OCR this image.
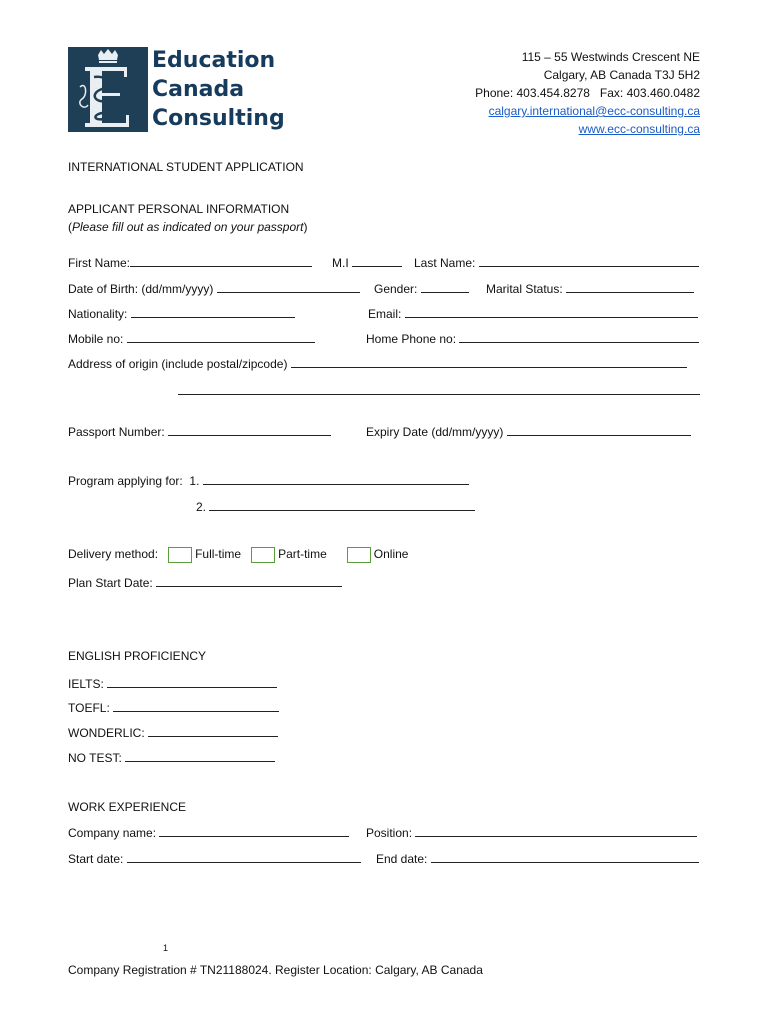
Education
Canada
Consulting
115 – 55 Westwinds Crescent NE
Calgary, AB Canada T3J 5H2
Phone: 403.454.8278   Fax: 403.460.0482
calgary.international@ecc-consulting.ca
www.ecc-consulting.ca
INTERNATIONAL STUDENT APPLICATION
APPLICANT PERSONAL INFORMATION
(Please fill out as indicated on your passport)
First Name:	M.I	Last Name:
Date of Birth: (dd/mm/yyyy)	Gender:	Marital Status:
Nationality:	Email:
Mobile no:	Home Phone no:
Address of origin (include postal/zipcode)
Passport Number:	Expiry Date (dd/mm/yyyy)
Program applying for: 1.
2.
Delivery method:	Full-time	Part-time	Online
Plan Start Date:
ENGLISH PROFICIENCY
IELTS:
TOEFL:
WONDERLIC:
NO TEST:
WORK EXPERIENCE
Company name:	Position:
Start date:	End date:
1
Company Registration # TN21188024. Register Location: Calgary, AB Canada
